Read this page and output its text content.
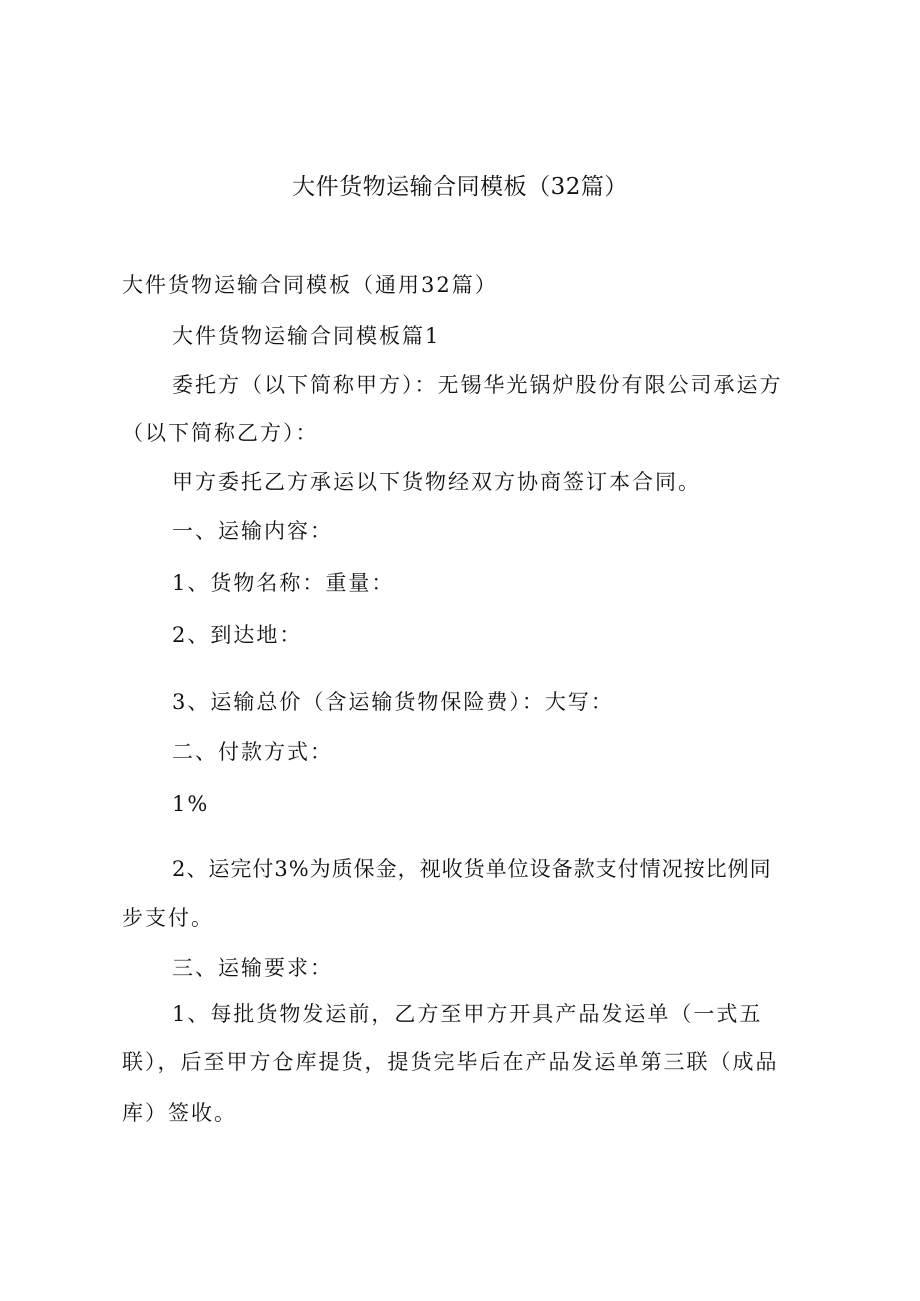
大件货物运输合同模板（32篇）
大件货物运输合同模板（通用32篇）
大件货物运输合同模板篇1
委托方（以下简称甲方）：无锡华光锅炉股份有限公司承运方
（以下简称乙方）：
甲方委托乙方承运以下货物经双方协商签订本合同。
一、运输内容：
1、货物名称：重量：
2、到达地：
3、运输总价（含运输货物保险费）：大写：
二、付款方式：
1%
2、运完付3%为质保金，视收货单位设备款支付情况按比例同
步支付。
三、运输要求：
1、每批货物发运前，乙方至甲方开具产品发运单（一式五
联），后至甲方仓库提货，提货完毕后在产品发运单第三联（成品
库）签收。
